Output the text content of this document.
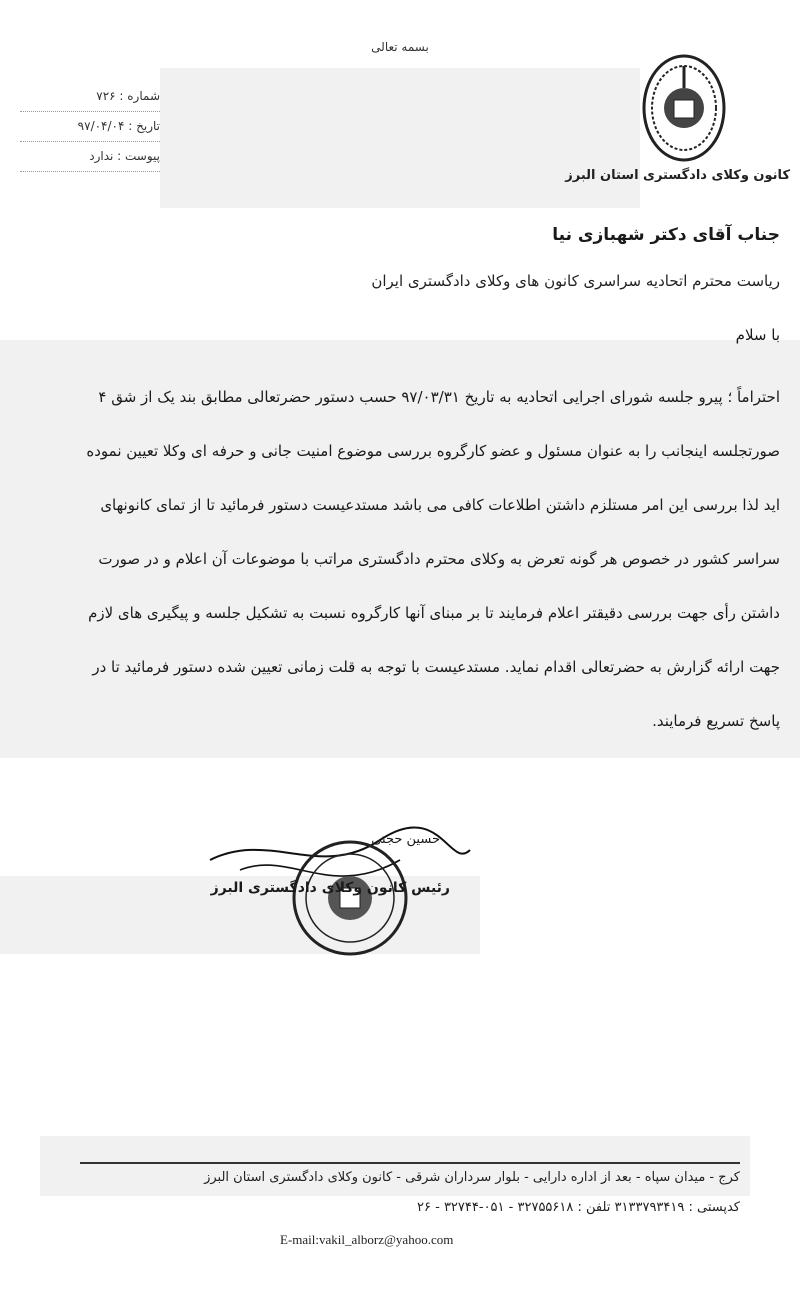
بسمه تعالی
شماره : ۷۲۶
تاریخ : ۹۷/۰۴/۰۴
پیوست : ندارد
کانون وکلای دادگستری استان البرز
جناب آقای دکتر شهبازی نیا
ریاست محترم اتحادیه سراسری کانون های وکلای دادگستری ایران
با سلام
احتراماً ؛ پیرو جلسه شورای اجرایی اتحادیه به تاریخ ۹۷/۰۳/۳۱ حسب دستور حضرتعالی مطابق بند یک از شق ۴ صورتجلسه اینجانب را به عنوان مسئول و عضو کارگروه بررسی موضوع امنیت جانی و حرفه ای وکلا تعیین نموده اید لذا بررسی این امر مستلزم داشتن اطلاعات کافی می باشد مستدعیست دستور فرمائید تا از تمای کانونهای سراسر کشور در خصوص هر گونه تعرض به وکلای محترم دادگستری مراتب با موضوعات آن اعلام و در صورت داشتن رأی جهت بررسی دقیقتر اعلام فرمایند تا بر مبنای آنها کارگروه نسبت به تشکیل جلسه و پیگیری های لازم جهت ارائه گزارش به حضرتعالی اقدام نماید. مستدعیست با توجه به قلت زمانی تعیین شده دستور فرمائید تا در پاسخ تسریع فرمایند.
حسین حجتی
رئیس کانون وکلای دادگستری البرز
کرج - میدان سپاه - بعد از اداره دارایی - بلوار سرداران شرقی - کانون وکلای دادگستری استان البرز
کدپستی : ۳۱۳۳۷۹۳۴۱۹ تلفن : ۳۲۷۵۵۶۱۸ - ۰۵۱-۳۲۷۴۴ - ۲۶
E-mail:vakil_alborz@yahoo.com
